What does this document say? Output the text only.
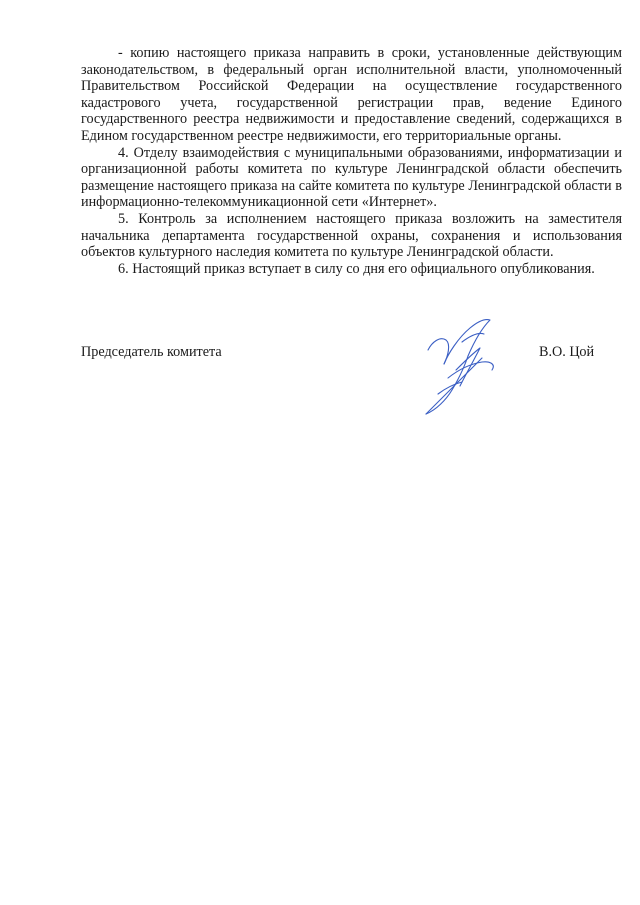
- копию настоящего приказа направить в сроки, установленные действующим законодательством, в федеральный орган исполнительной власти, уполномоченный Правительством Российской Федерации на осуществление государственного кадастрового учета, государственной регистрации прав, ведение Единого государственного реестра недвижимости и предоставление сведений, содержащихся в Едином государственном реестре недвижимости, его территориальные органы.

4. Отделу взаимодействия с муниципальными образованиями, информатизации и организационной работы комитета по культуре Ленинградской области обеспечить размещение настоящего приказа на сайте комитета по культуре Ленинградской области в информационно-телекоммуникационной сети «Интернет».

5. Контроль за исполнением настоящего приказа возложить на заместителя начальника департамента государственной охраны, сохранения и использования объектов культурного наследия комитета по культуре Ленинградской области.

6. Настоящий приказ вступает в силу со дня его официального опубликования.

Председатель комитета	В.О. Цой
